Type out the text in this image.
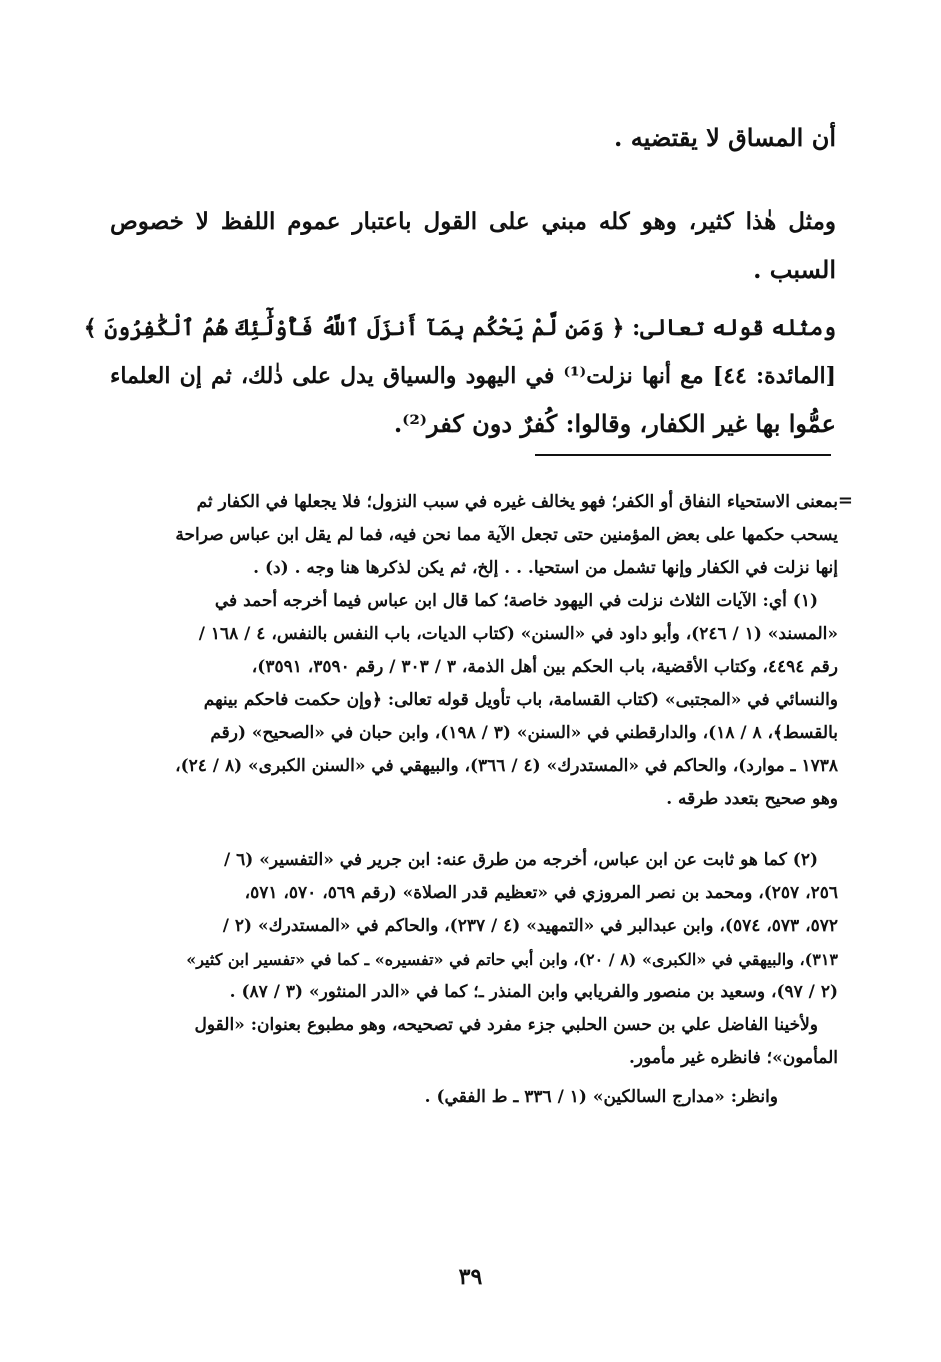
أن المساق لا يقتضيه .
ومثل هٰذا كثير، وهو كله مبني على القول باعتبار عموم اللفظ لا خصوص
السبب .
ومثله قوله تعالى: ﴿ وَمَن لَّمْ يَحْكُم بِمَآ أَنزَلَ ٱللَّهُ فَأُوْلَٰٓئِكَ هُمُ ٱلْكَٰفِرُونَ ﴾
[المائدة: ٤٤] مع أنها نزلت⁽¹⁾ في اليهود والسياق يدل على ذٰلك، ثم إن العلماء
عمُّوا بها غير الكفار، وقالوا: كُفرٌ دون كفر⁽²⁾.
=
بمعنى الاستحياء النفاق أو الكفر؛ فهو يخالف غيره في سبب النزول؛ فلا يجعلها في الكفار ثم
يسحب حكمها على بعض المؤمنين حتى تجعل الآية مما نحن فيه، فما لم يقل ابن عباس صراحة
إنها نزلت في الكفار وإنها تشمل من استحيا. . . إلخ، ثم يكن لذكرها هنا وجه . (د) .
(١) أي: الآيات الثلاث نزلت في اليهود خاصة؛ كما قال ابن عباس فيما أخرجه أحمد في
«المسند» (١ / ٢٤٦)، وأبو داود في «السنن» (كتاب الديات، باب النفس بالنفس، ٤ / ١٦٨ /
رقم ٤٤٩٤، وكتاب الأقضية، باب الحكم بين أهل الذمة، ٣ / ٣٠٣ / رقم ٣٥٩٠، ٣٥٩١)،
والنسائي في «المجتبى» (كتاب القسامة، باب تأويل قوله تعالى: ﴿وإن حكمت فاحكم بينهم
بالقسط﴾، ٨ / ١٨)، والدارقطني في «السنن» (٣ / ١٩٨)، وابن حبان في «الصحيح» (رقم
١٧٣٨ ـ موارد)، والحاكم في «المستدرك» (٤ / ٣٦٦)، والبيهقي في «السنن الكبرى» (٨ / ٢٤)،
وهو صحيح بتعدد طرقه .
(٢) كما هو ثابت عن ابن عباس، أخرجه من طرق عنه: ابن جرير في «التفسير» (٦ /
٢٥٦، ٢٥٧)، ومحمد بن نصر المروزي في «تعظيم قدر الصلاة» (رقم ٥٦٩، ٥٧٠، ٥٧١،
٥٧٢، ٥٧٣، ٥٧٤)، وابن عبدالبر في «التمهيد» (٤ / ٢٣٧)، والحاكم في «المستدرك» (٢ /
٣١٣)، والبيهقي في «الكبرى» (٨ / ٢٠)، وابن أبي حاتم في «تفسيره» ـ كما في «تفسير ابن كثير»
(٢ / ٩٧)، وسعيد بن منصور والفريابي وابن المنذر ـ؛ كما في «الدر المنثور» (٣ / ٨٧) .
ولأخينا الفاضل علي بن حسن الحلبي جزء مفرد في تصحيحه، وهو مطبوع بعنوان: «القول
المأمون»؛ فانظره غير مأمور.
وانظر: «مدارج السالكين» (١ / ٣٣٦ ـ ط الفقي) .
٣٩
